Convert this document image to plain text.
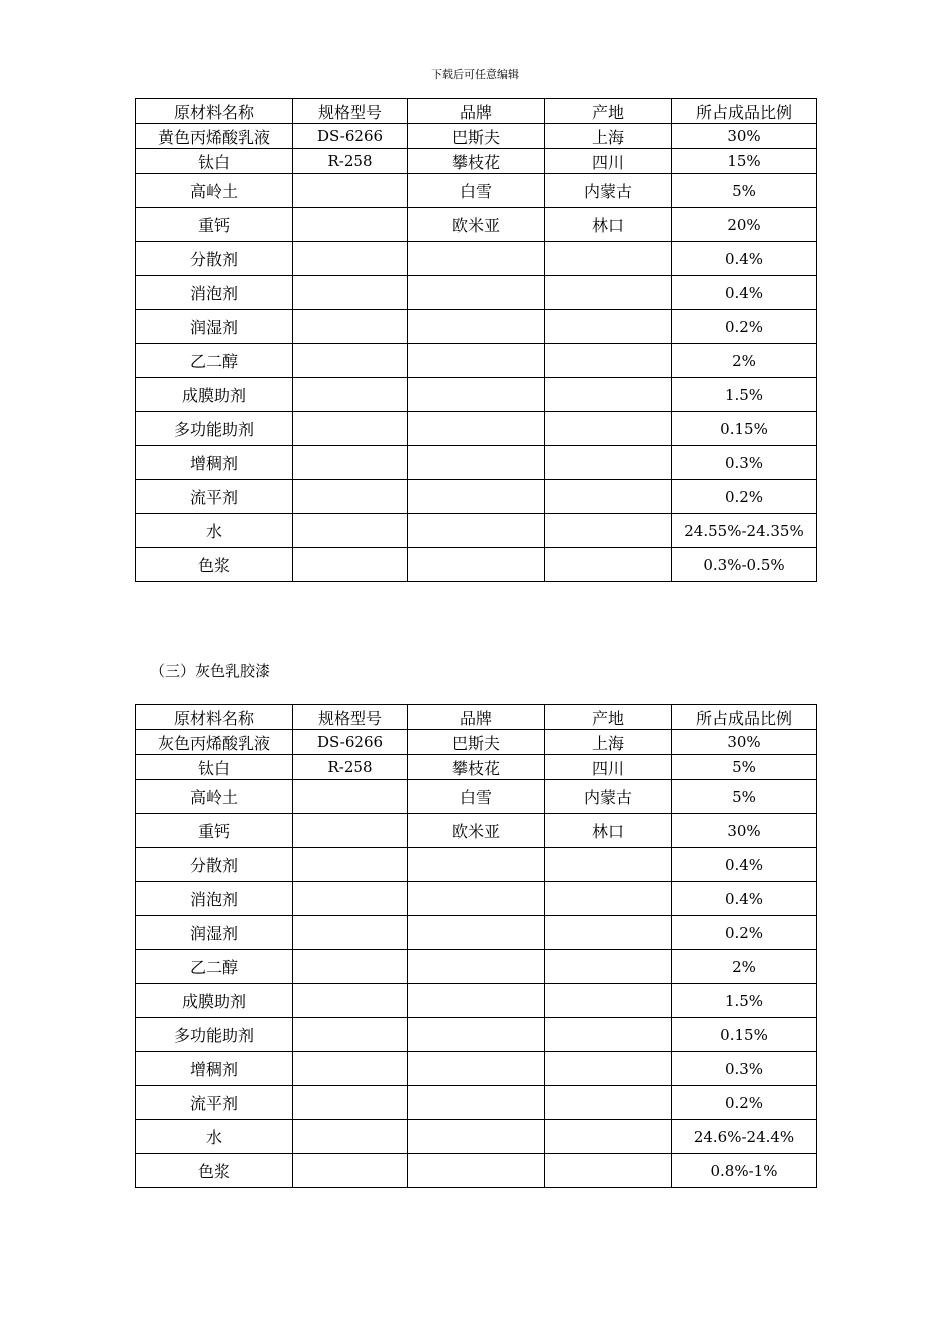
下载后可任意编辑
原材料名称	规格型号	品牌	产地	所占成品比例
黄色丙烯酸乳液	DS-6266	巴斯夫	上海	30%
钛白	R-258	攀枝花	四川	15%
高岭土		白雪	内蒙古	5%
重钙		欧米亚	林口	20%
分散剂				0.4%
消泡剂				0.4%
润湿剂				0.2%
乙二醇				2%
成膜助剂				1.5%
多功能助剂				0.15%
增稠剂				0.3%
流平剂				0.2%
水				24.55%-24.35%
色浆				0.3%-0.5%
（三）灰色乳胶漆
原材料名称	规格型号	品牌	产地	所占成品比例
灰色丙烯酸乳液	DS-6266	巴斯夫	上海	30%
钛白	R-258	攀枝花	四川	5%
高岭土		白雪	内蒙古	5%
重钙		欧米亚	林口	30%
分散剂				0.4%
消泡剂				0.4%
润湿剂				0.2%
乙二醇				2%
成膜助剂				1.5%
多功能助剂				0.15%
增稠剂				0.3%
流平剂				0.2%
水				24.6%-24.4%
色浆				0.8%-1%
